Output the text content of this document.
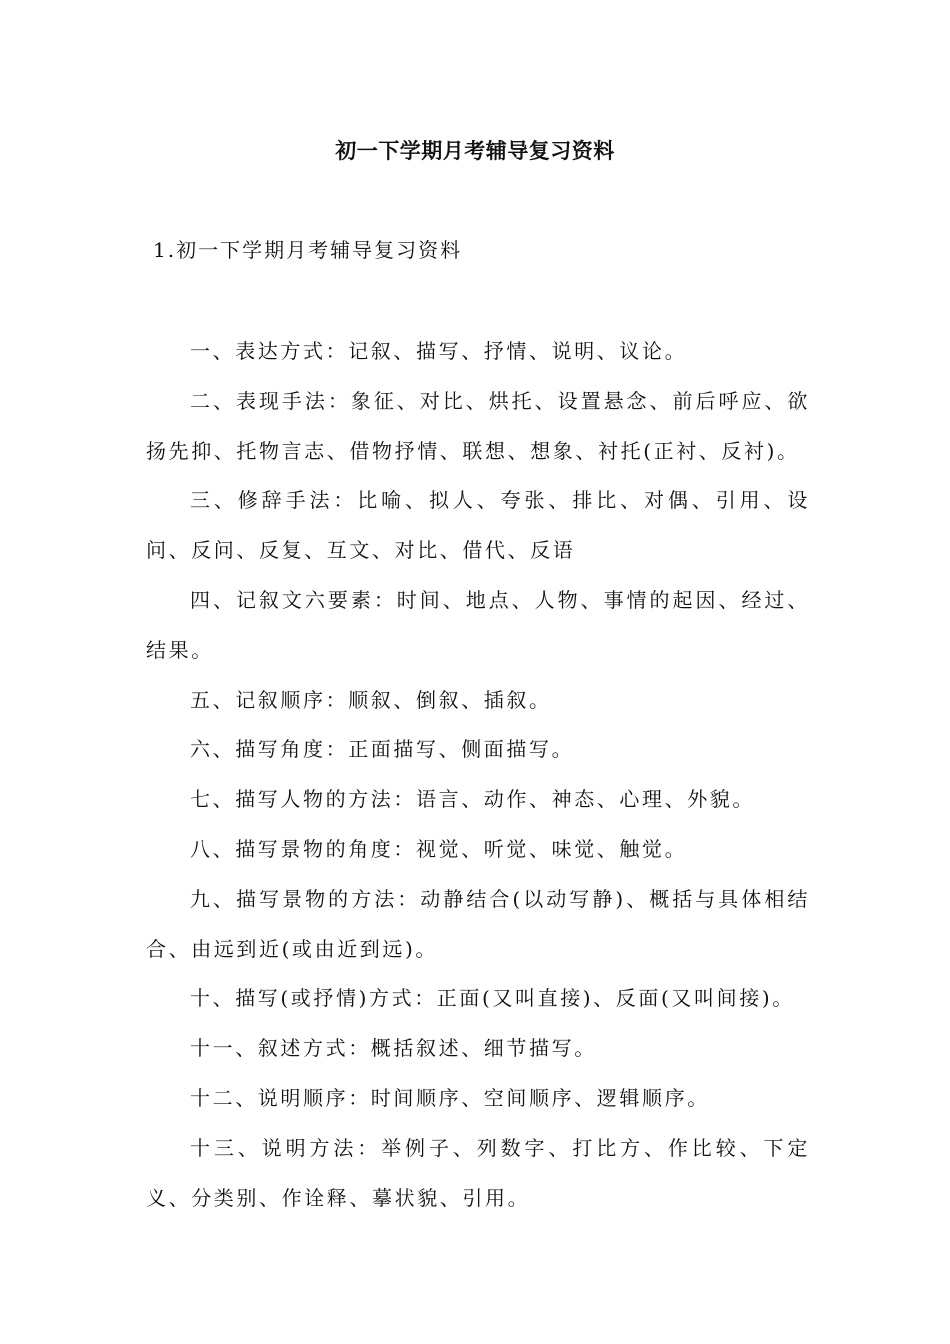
初一下学期月考辅导复习资料
1.初一下学期月考辅导复习资料

一、表达方式：记叙、描写、抒情、说明、议论。

二、表现手法：象征、对比、烘托、设置悬念、前后呼应、欲扬先抑、托物言志、借物抒情、联想、想象、衬托(正衬、反衬)。

三、修辞手法：比喻、拟人、夸张、排比、对偶、引用、设问、反问、反复、互文、对比、借代、反语

四、记叙文六要素：时间、地点、人物、事情的起因、经过、结果。

五、记叙顺序：顺叙、倒叙、插叙。

六、描写角度：正面描写、侧面描写。

七、描写人物的方法：语言、动作、神态、心理、外貌。

八、描写景物的角度：视觉、听觉、味觉、触觉。

九、描写景物的方法：动静结合(以动写静)、概括与具体相结合、由远到近(或由近到远)。

十、描写(或抒情)方式：正面(又叫直接)、反面(又叫间接)。

十一、叙述方式：概括叙述、细节描写。

十二、说明顺序：时间顺序、空间顺序、逻辑顺序。

十三、说明方法：举例子、列数字、打比方、作比较、下定义、分类别、作诠释、摹状貌、引用。
